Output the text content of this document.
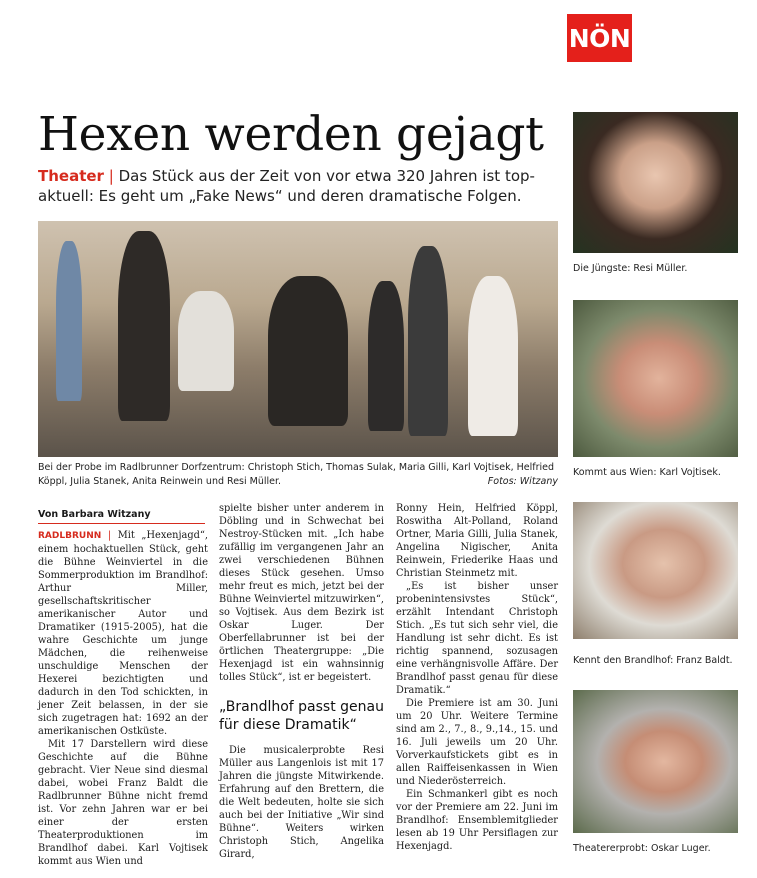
NÖN
Hexen werden gejagt
Theater | Das Stück aus der Zeit von vor etwa 320 Jahren ist top-aktuell: Es geht um „Fake News“ und deren dramatische Folgen.
Bei der Probe im Radlbrunner Dorfzentrum: Christoph Stich, Thomas Sulak, Maria Gilli, Karl Vojtisek, Helfried Köppl, Julia Stanek, Anita Reinwein und Resi Müller.	Fotos: Witzany
Die Jüngste: Resi Müller.
Kommt aus Wien: Karl Vojtisek.
Kennt den Brandlhof: Franz Baldt.
Theatererprobt: Oskar Luger.
Von Barbara Witzany

RADLBRUNN | Mit „Hexenjagd“, einem hochaktuellen Stück, geht die Bühne Weinviertel in die Sommerproduktion im Brandlhof: Arthur Miller, gesellschaftskritischer amerikanischer Autor und Dramatiker (1915-2005), hat die wahre Geschichte um junge Mädchen, die reihenweise unschuldige Menschen der Hexerei bezichtigten und dadurch in den Tod schickten, in jener Zeit belassen, in der sie sich zugetragen hat: 1692 an der amerikanischen Ostküste.

Mit 17 Darstellern wird diese Geschichte auf die Bühne gebracht. Vier Neue sind diesmal dabei, wobei Franz Baldt die Radlbrunner Bühne nicht fremd ist. Vor zehn Jahren war er bei einer der ersten Theaterproduktionen im Brandlhof dabei. Karl Vojtisek kommt aus Wien und

spielte bisher unter anderem in Döbling und in Schwechat bei Nestroy-Stücken mit. „Ich habe zufällig im vergangenen Jahr an zwei verschiedenen Bühnen dieses Stück gesehen. Umso mehr freut es mich, jetzt bei der Bühne Weinviertel mitzuwirken“, so Vojtisek. Aus dem Bezirk ist Oskar Luger. Der Oberfellabrunner ist bei der örtlichen Theatergruppe: „Die Hexenjagd ist ein wahnsinnig tolles Stück“, ist er begeistert.

„Brandlhof passt genau für diese Dramatik“

Die musicalerprobte Resi Müller aus Langenlois ist mit 17 Jahren die jüngste Mitwirkende. Erfahrung auf den Brettern, die die Welt bedeuten, holte sie sich auch bei der Initiative „Wir sind Bühne“. Weiters wirken Christoph Stich, Angelika Girard,

Ronny Hein, Helfried Köppl, Roswitha Alt-Polland, Roland Ortner, Maria Gilli, Julia Stanek, Angelina Nigischer, Anita Reinwein, Friederike Haas und Christian Steinmetz mit.

„Es ist bisher unser probenintensivstes Stück“, erzählt Intendant Christoph Stich. „Es tut sich sehr viel, die Handlung ist sehr dicht. Es ist richtig spannend, sozusagen eine verhängnisvolle Affäre. Der Brandlhof passt genau für diese Dramatik.“

Die Premiere ist am 30. Juni um 20 Uhr. Weitere Termine sind am 2., 7., 8., 9.,14., 15. und 16. Juli jeweils um 20 Uhr. Vorverkaufstickets gibt es in allen Raiffeisenkassen in Wien und Niederösterreich.

Ein Schmankerl gibt es noch vor der Premiere am 22. Juni im Brandlhof: Ensemblemitglieder lesen ab 19 Uhr Persiflagen zur Hexenjagd.
